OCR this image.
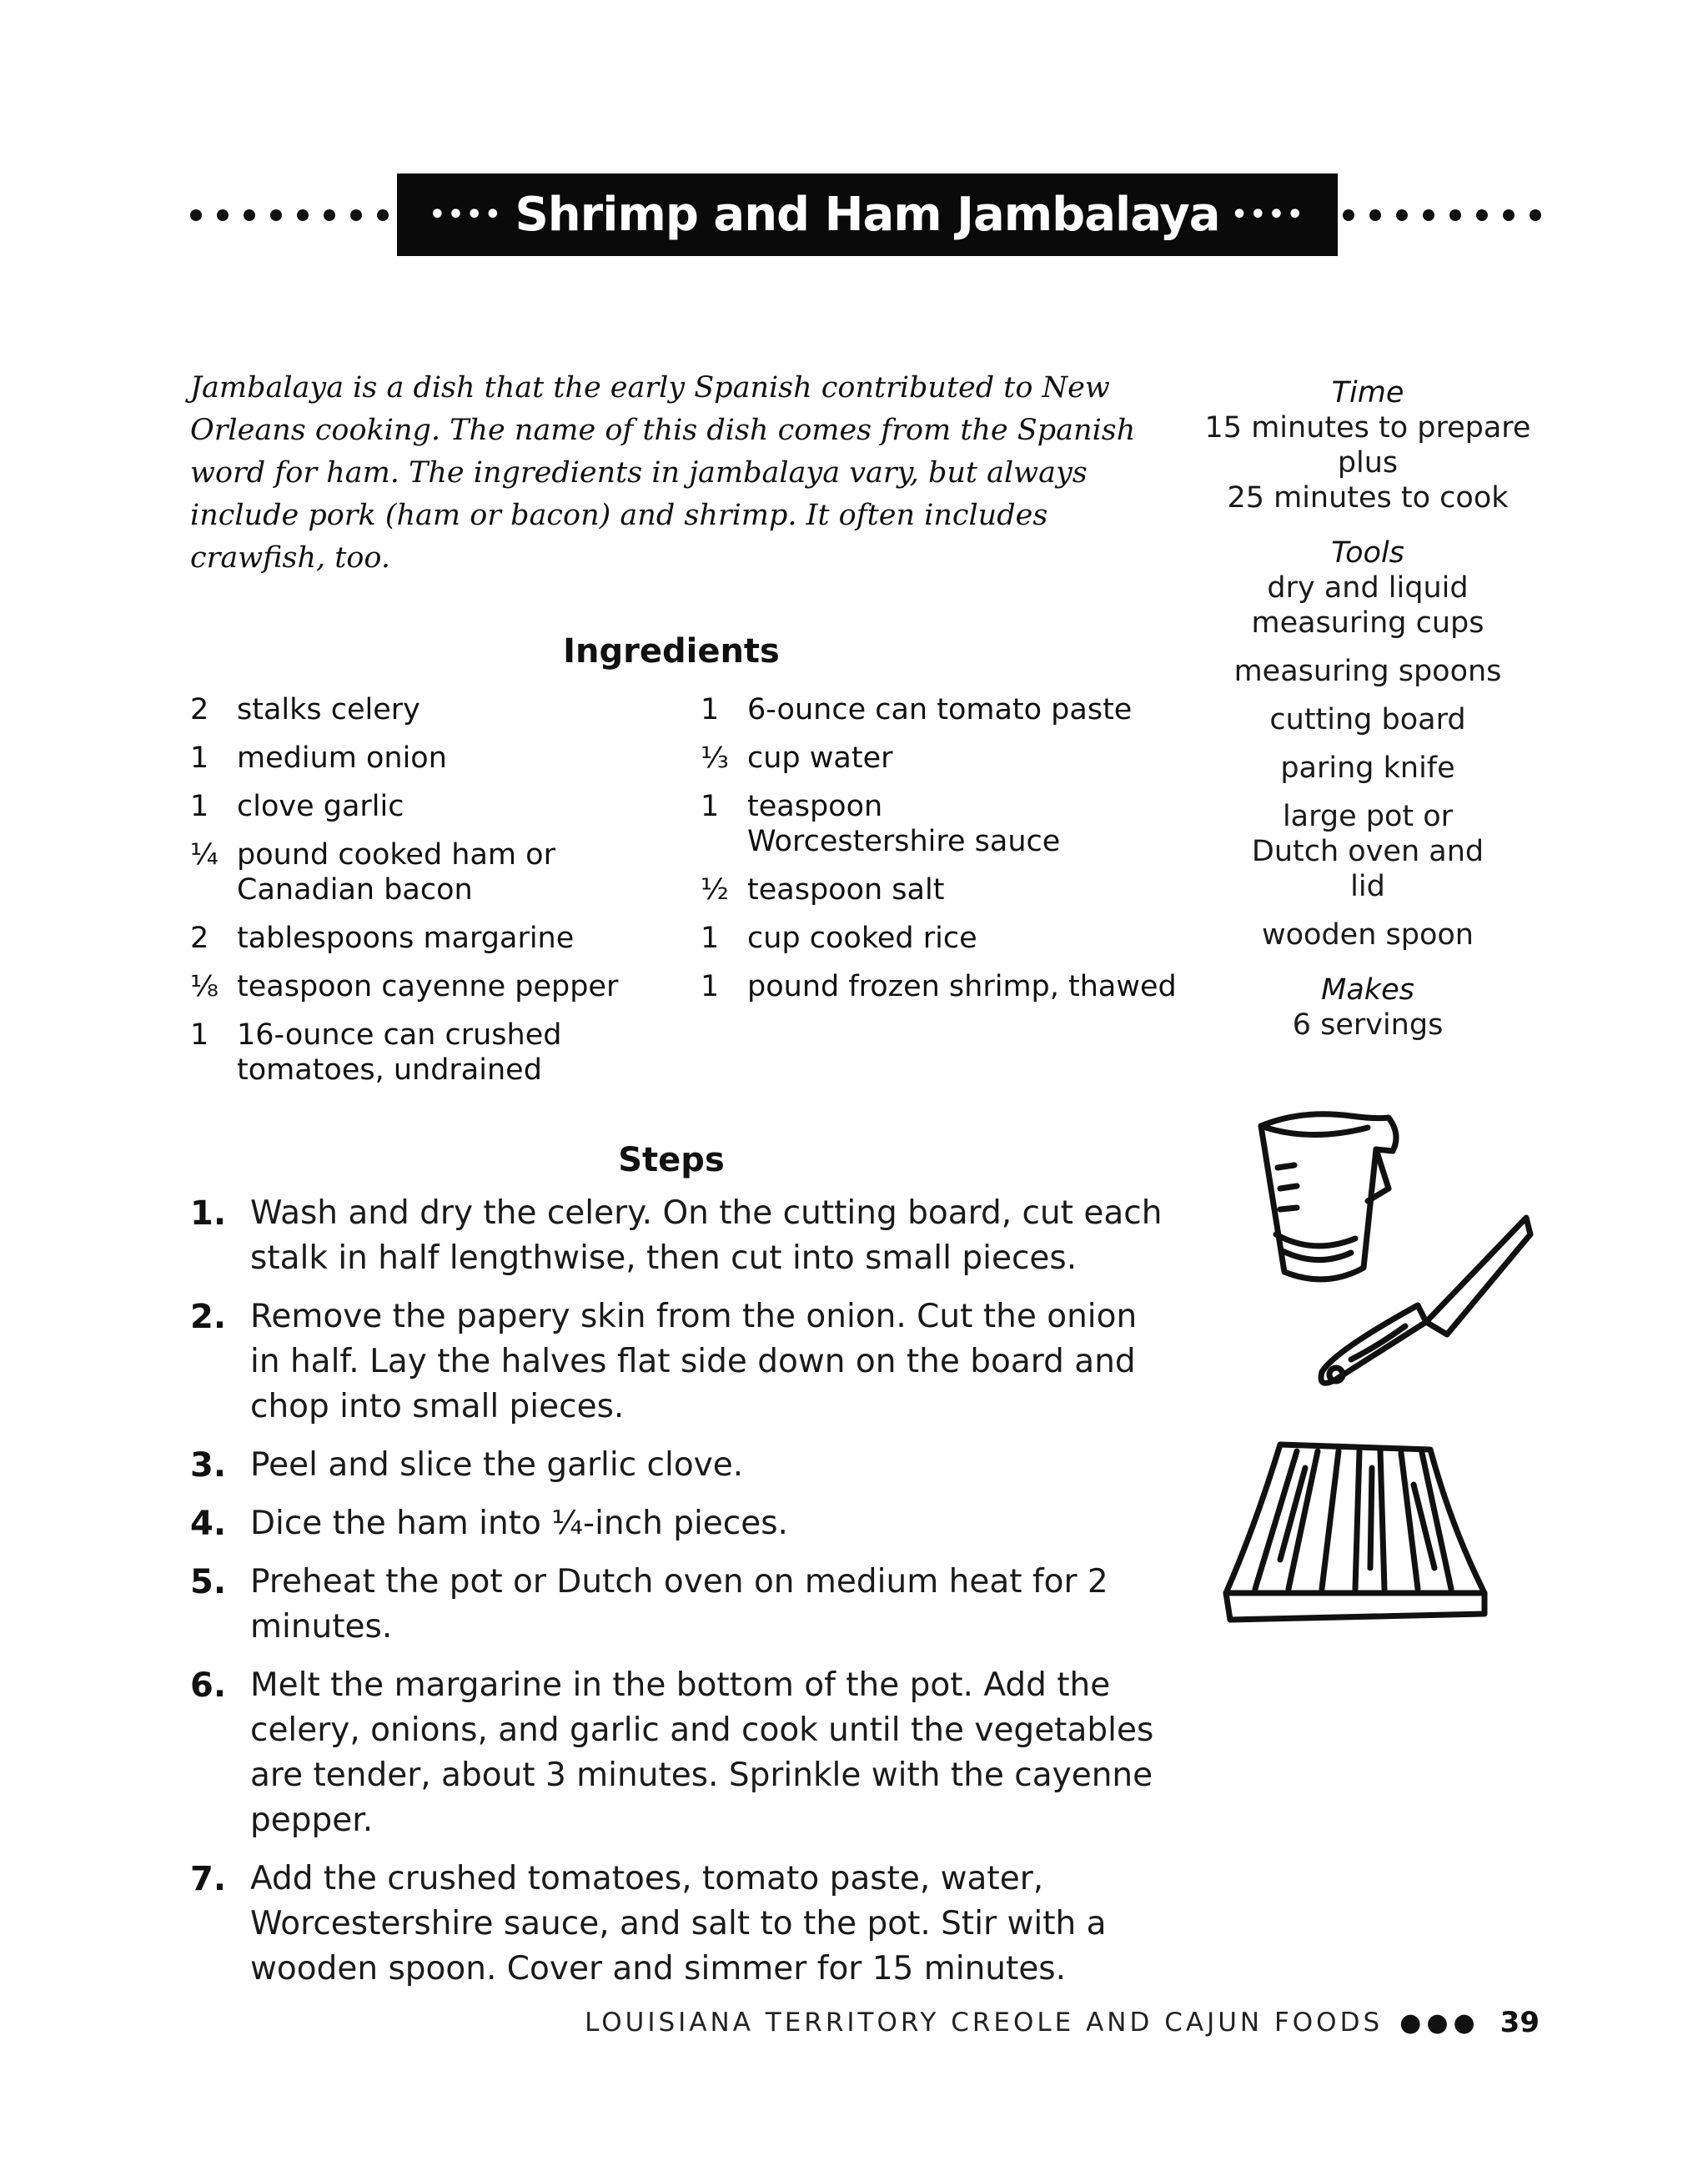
•••• Shrimp and Ham Jambalaya ••••

Jambalaya is a dish that the early Spanish contributed to New Orleans cooking. The name of this dish comes from the Spanish word for ham. The ingredients in jambalaya vary, but always include pork (ham or bacon) and shrimp. It often includes crawfish, too.

Ingredients
2 stalks celery
1 medium onion
1 clove garlic
¼ pound cooked ham or Canadian bacon
2 tablespoons margarine
⅛ teaspoon cayenne pepper
1 16-ounce can crushed tomatoes, undrained
1 6-ounce can tomato paste
⅓ cup water
1 teaspoon Worcestershire sauce
½ teaspoon salt
1 cup cooked rice
1 pound frozen shrimp, thawed
Steps
1. Wash and dry the celery. On the cutting board, cut each stalk in half lengthwise, then cut into small pieces.
2. Remove the papery skin from the onion. Cut the onion in half. Lay the halves flat side down on the board and chop into small pieces.
3. Peel and slice the garlic clove.
4. Dice the ham into ¼-inch pieces.
5. Preheat the pot or Dutch oven on medium heat for 2 minutes.
6. Melt the margarine in the bottom of the pot. Add the celery, onions, and garlic and cook until the vegetables are tender, about 3 minutes. Sprinkle with the cayenne pepper.
7. Add the crushed tomatoes, tomato paste, water, Worcestershire sauce, and salt to the pot. Stir with a wooden spoon. Cover and simmer for 15 minutes.

Time

15 minutes to prepare

plus

25 minutes to cook

Tools

dry and liquid measuring cups

measuring spoons

cutting board

paring knife

large pot or Dutch oven and lid

wooden spoon

Makes

6 servings

LOUISIANA TERRITORY CREOLE AND CAJUN FOODS ●●● 39
